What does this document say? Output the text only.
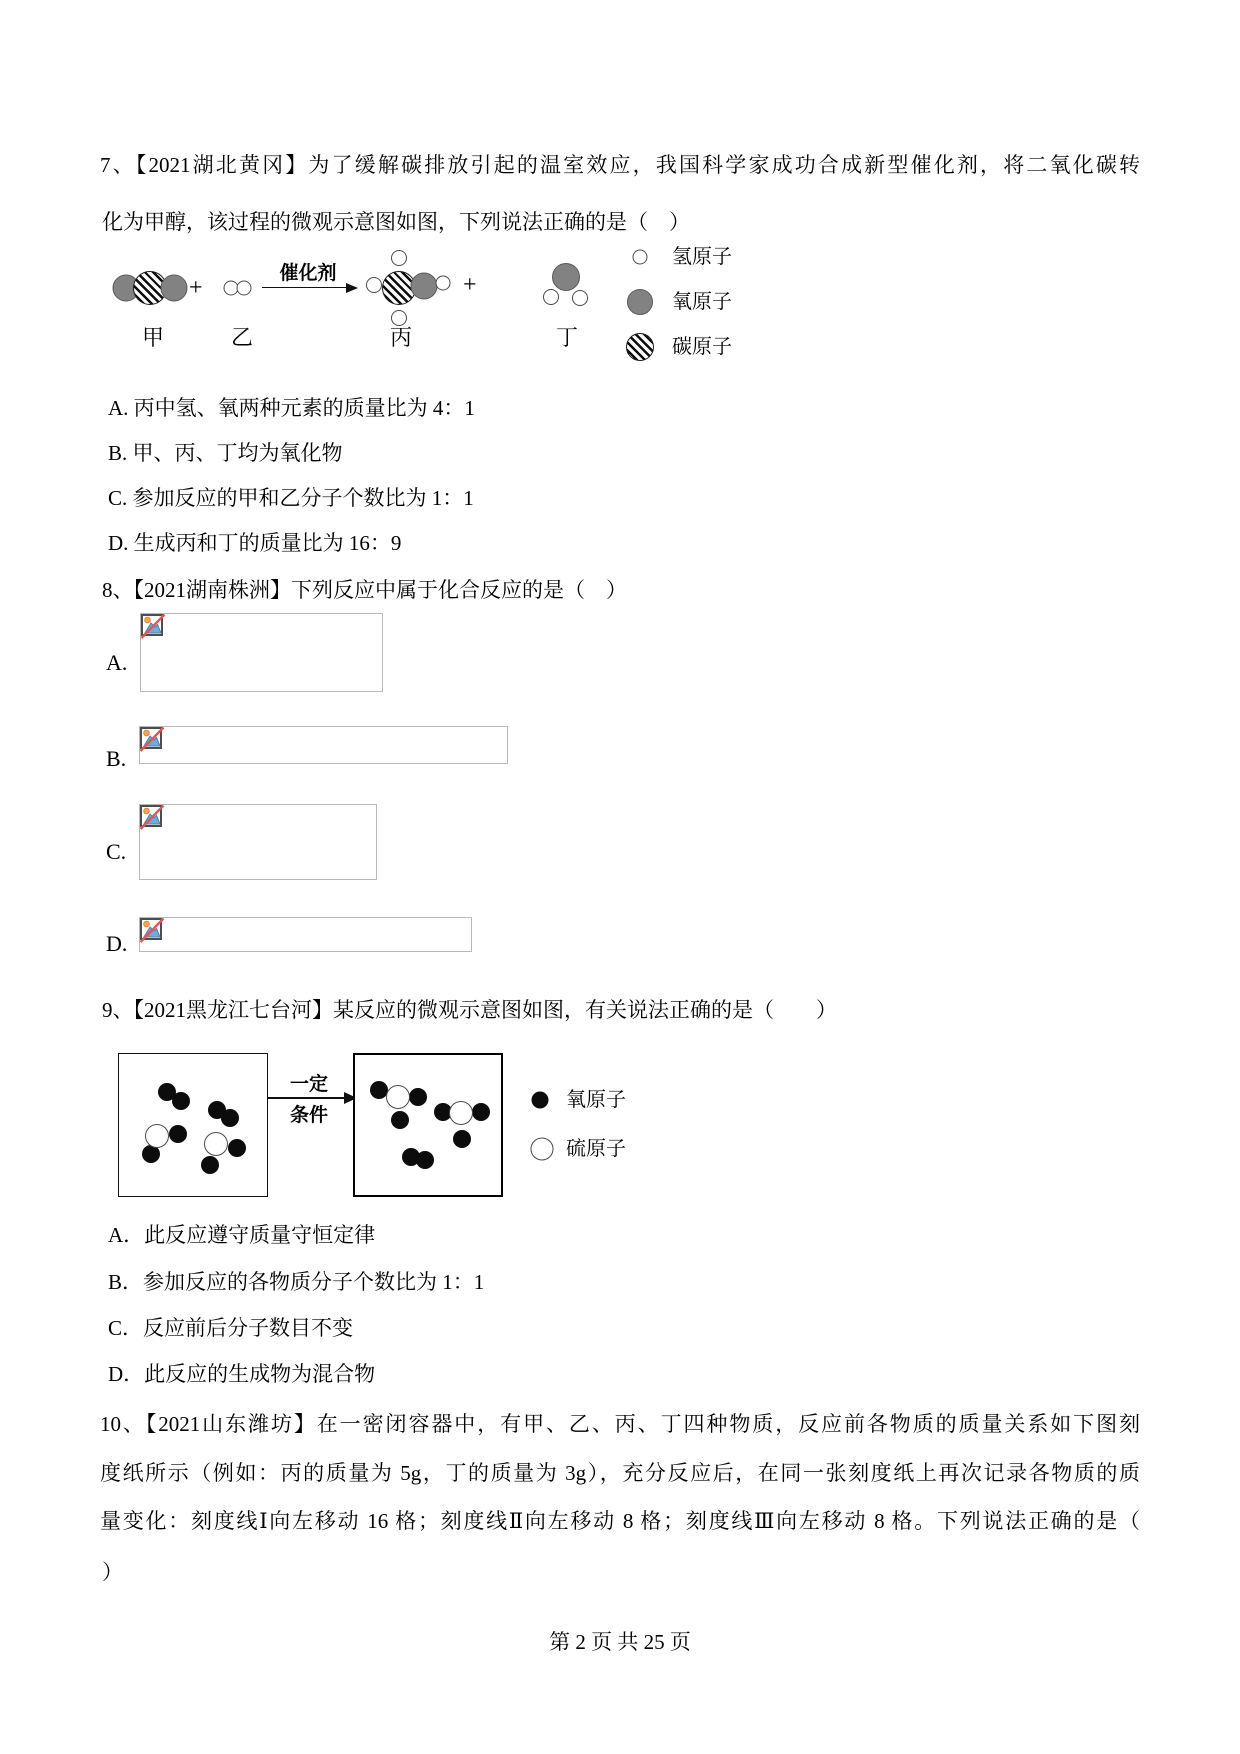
7、【2021湖北黄冈】为了缓解碳排放引起的温室效应，我国科学家成功合成新型催化剂，将二氧化碳转
化为甲醇，该过程的微观示意图如图，下列说法正确的是（　）
+
催化剂	+
甲	乙	丙	丁
氢原子
氧原子
碳原子
A. 丙中氢、氧两种元素的质量比为 4：1
B. 甲、丙、丁均为氧化物
C. 参加反应的甲和乙分子个数比为 1：1
D. 生成丙和丁的质量比为 16：9
8、【2021湖南株洲】下列反应中属于化合反应的是（　）
A.
B.
C.
D.
9、【2021黑龙江七台河】某反应的微观示意图如图，有关说法正确的是（　　）
一定
条件
氧原子
硫原子
A．此反应遵守质量守恒定律
B．参加反应的各物质分子个数比为 1：1
C．反应前后分子数目不变
D．此反应的生成物为混合物
10、【2021山东潍坊】在一密闭容器中，有甲、乙、丙、丁四种物质，反应前各物质的质量关系如下图刻
度纸所示（例如：丙的质量为 5g，丁的质量为 3g），充分反应后，在同一张刻度纸上再次记录各物质的质
量变化：刻度线Ⅰ向左移动 16 格；刻度线Ⅱ向左移动 8 格；刻度线Ⅲ向左移动 8 格。下列说法正确的是（
）
第 2 页 共 25 页
